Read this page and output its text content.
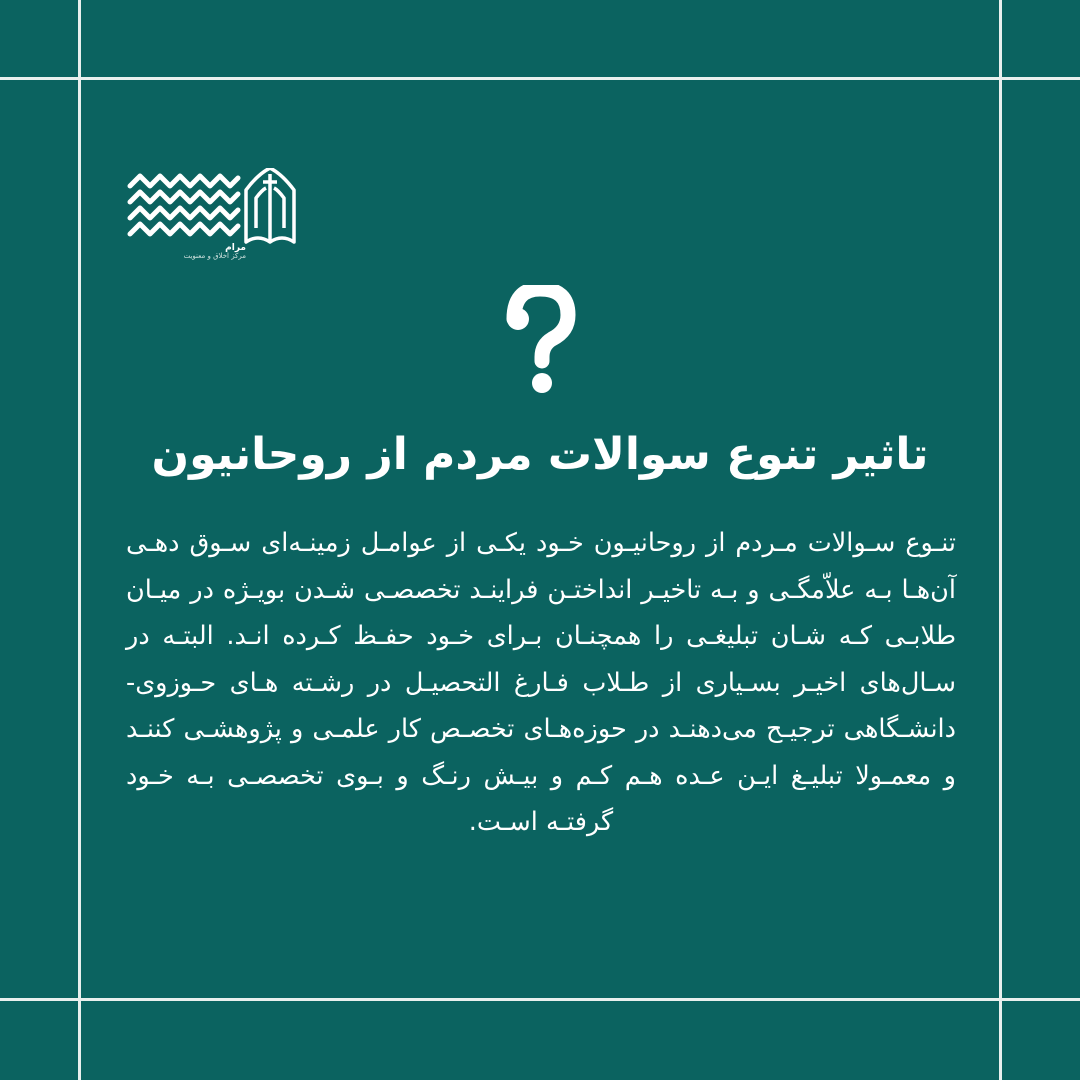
مرام
مرکز اخلاق و معنویت
تاثیر تنوع سوالات مردم از روحانیون
تنـوع سـوالات مـردم از روحانیـون خـود یکـی از عوامـل زمینـه‌ای سـوق دهـی آن‌هـا بـه علاّمگـی و بـه تاخیـر انداختـن فراینـد تخصصـی شـدن بویـژه در میـان طلابـی کـه شـان تبلیغـی را همچنـان بـرای خـود حفـظ کـرده انـد. البتـه در سـال‌های اخیـر بسـیاری از طـلاب فـارغ التحصیـل در رشـته هـای حـوزوی-دانشـگاهی ترجیـح می‌دهنـد در حوزه‌هـای تخصـص کار علمـی و پژوهشـی کننـد و معمـولا تبلیـغ ایـن عـده هـم کـم و بیـش رنـگ و بـوی تخصصـی بـه خـود گرفتـه اسـت.
